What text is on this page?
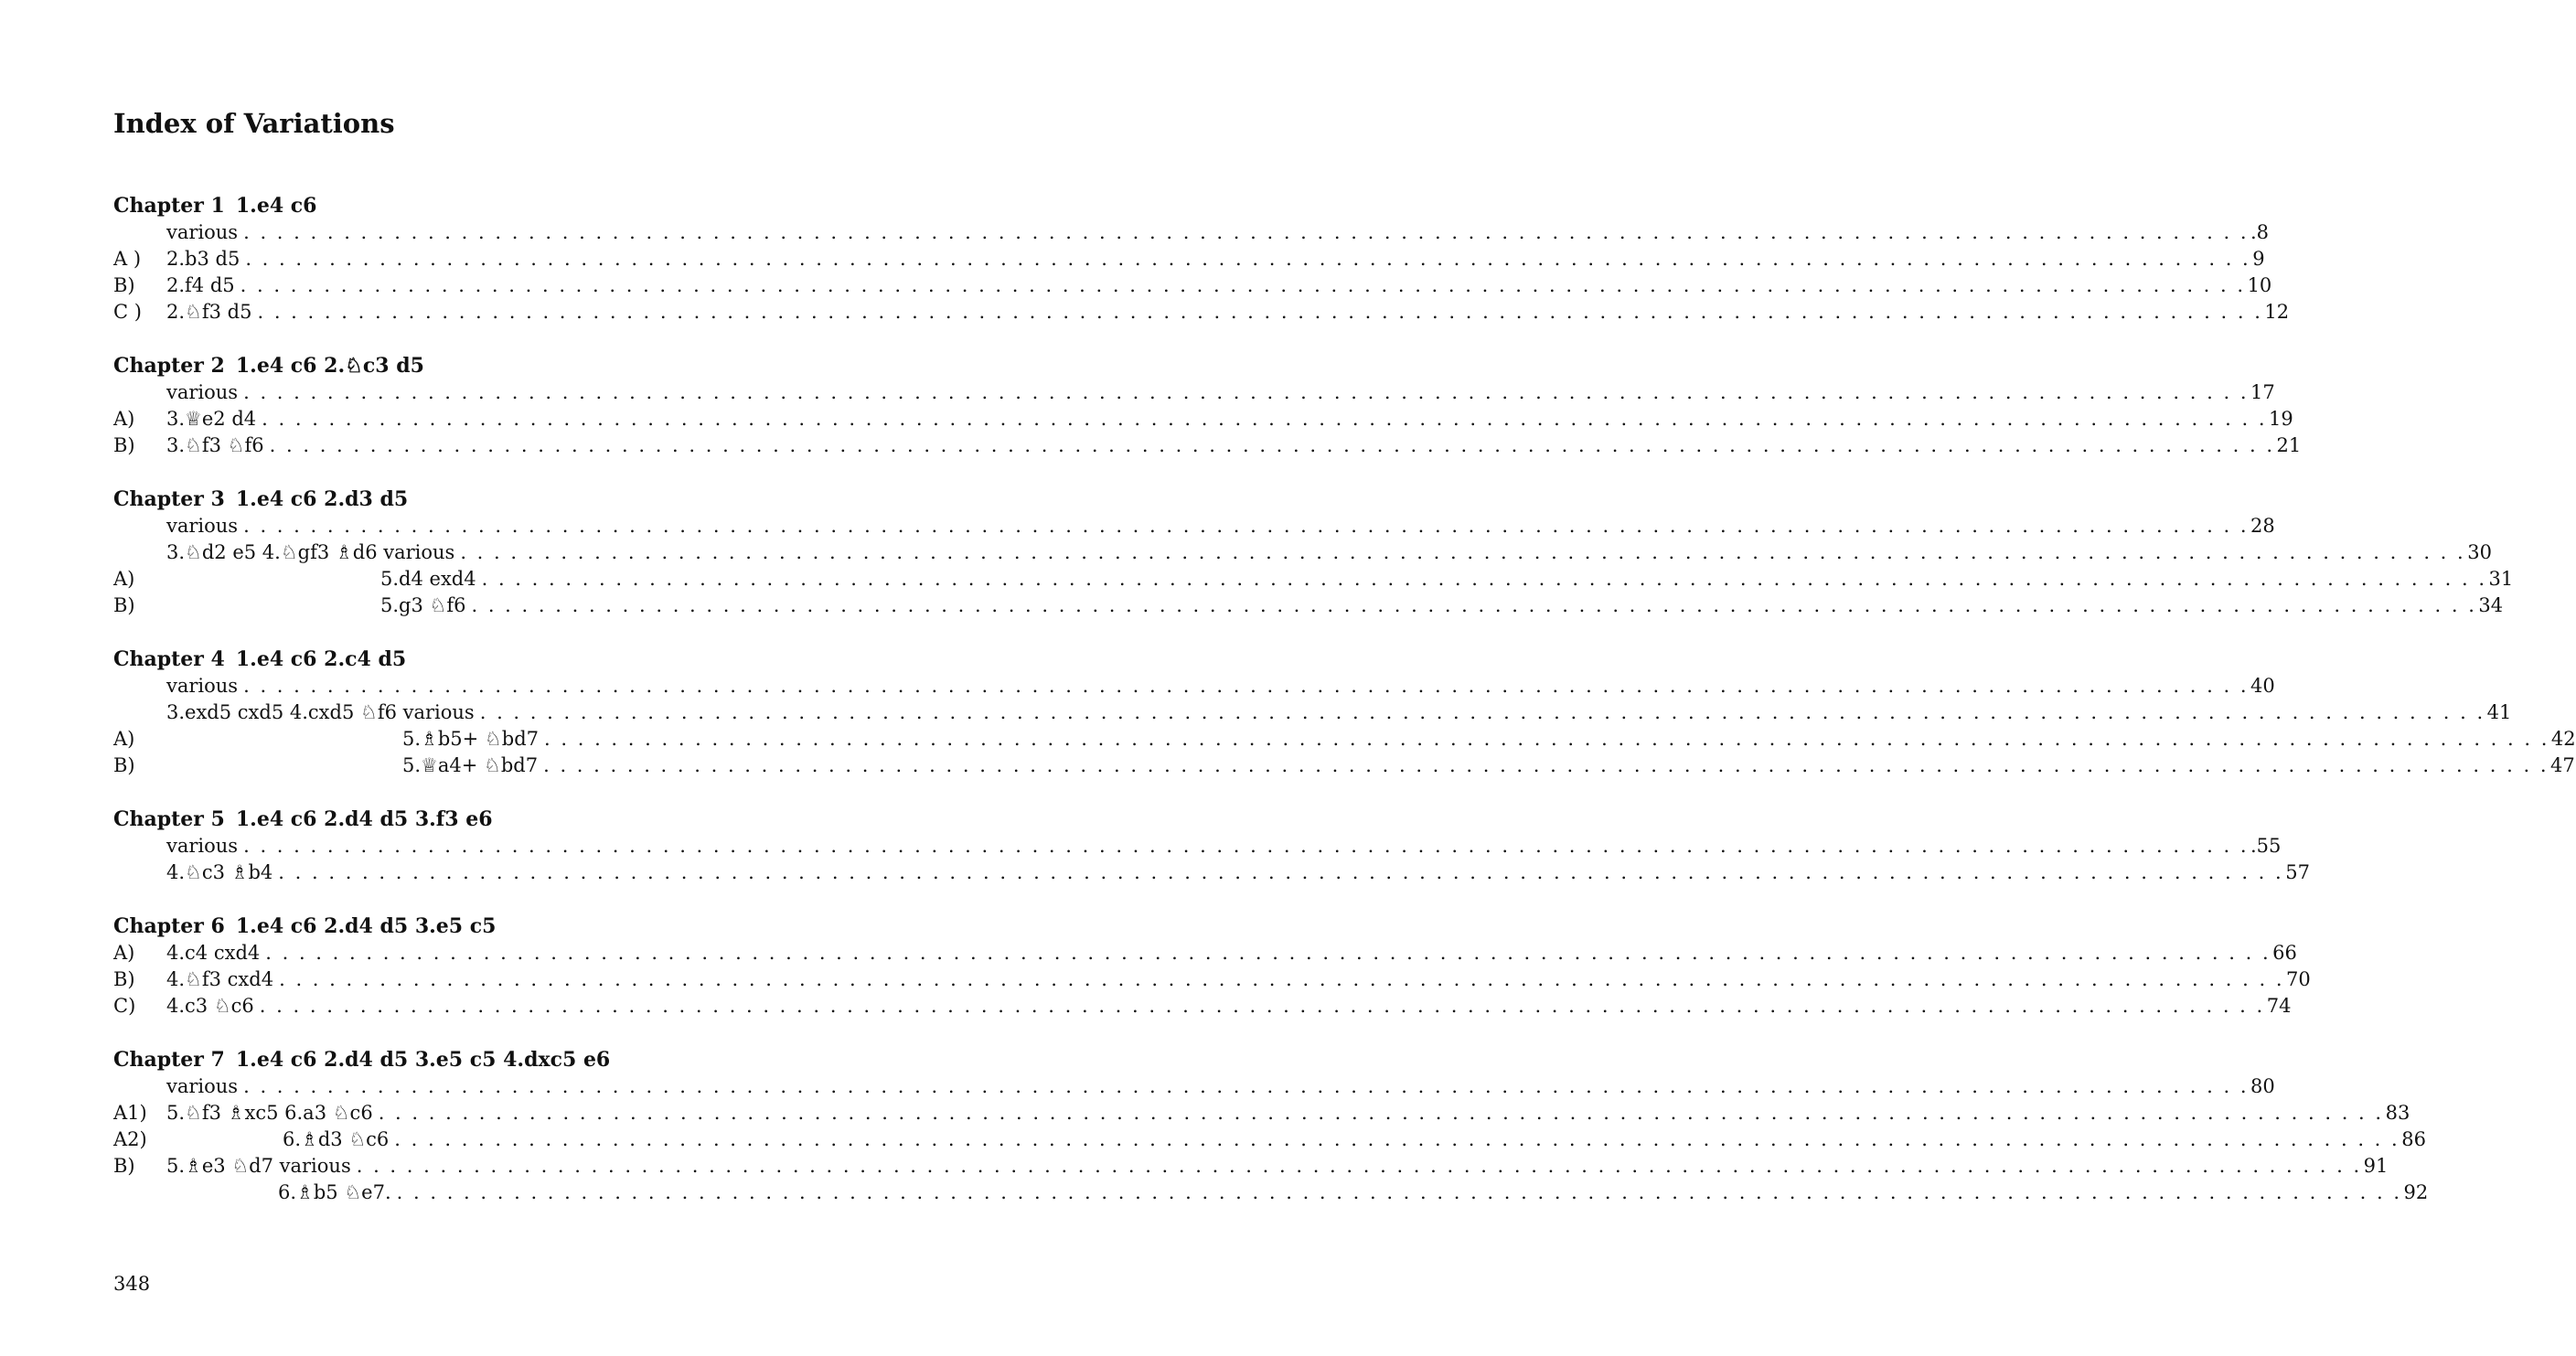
Index of Variations
Chapter 1 1.e4 c6
various . . . . . . . . . . . . . . . . . . . . . . . . . . . . . . . . . . . . . . . . . . . . . . . . . . . . . . . . . . . . . . . . . . . . . . . . . . . . . . . . . . . . . . . . . . . . . . . . . . . . . . . . . . . . . . . . . . . . . . . . .8
A ) 2.b3 d5 . . . . . . . . . . . . . . . . . . . . . . . . . . . . . . . . . . . . . . . . . . . . . . . . . . . . . . . . . . . . . . . . . . . . . . . . . . . . . . . . . . . . . . . . . . . . . . . . . . . . . . . . . . . . . . . . . . . . . . . . 9
B) 2.f4 d5 . . . . . . . . . . . . . . . . . . . . . . . . . . . . . . . . . . . . . . . . . . . . . . . . . . . . . . . . . . . . . . . . . . . . . . . . . . . . . . . . . . . . . . . . . . . . . . . . . . . . . . . . . . . . . . . . . . . . . . . . 10
C ) 2.♘f3 d5 . . . . . . . . . . . . . . . . . . . . . . . . . . . . . . . . . . . . . . . . . . . . . . . . . . . . . . . . . . . . . . . . . . . . . . . . . . . . . . . . . . . . . . . . . . . . . . . . . . . . . . . . . . . . . . . . . . . . . . . . 12
Chapter 2 1.e4 c6 2.♘c3 d5
various . . . . . . . . . . . . . . . . . . . . . . . . . . . . . . . . . . . . . . . . . . . . . . . . . . . . . . . . . . . . . . . . . . . . . . . . . . . . . . . . . . . . . . . . . . . . . . . . . . . . . . . . . . . . . . . . . . . . . . . . 17
A) 3.♕e2 d4 . . . . . . . . . . . . . . . . . . . . . . . . . . . . . . . . . . . . . . . . . . . . . . . . . . . . . . . . . . . . . . . . . . . . . . . . . . . . . . . . . . . . . . . . . . . . . . . . . . . . . . . . . . . . . . . . . . . . . . . . 19
B) 3.♘f3 ♘f6 . . . . . . . . . . . . . . . . . . . . . . . . . . . . . . . . . . . . . . . . . . . . . . . . . . . . . . . . . . . . . . . . . . . . . . . . . . . . . . . . . . . . . . . . . . . . . . . . . . . . . . . . . . . . . . . . . . . . . . . . 21
Chapter 3 1.e4 c6 2.d3 d5
various . . . . . . . . . . . . . . . . . . . . . . . . . . . . . . . . . . . . . . . . . . . . . . . . . . . . . . . . . . . . . . . . . . . . . . . . . . . . . . . . . . . . . . . . . . . . . . . . . . . . . . . . . . . . . . . . . . . . . . . . 28
3.♘d2 e5 4.♘gf3 ♗d6 various . . . . . . . . . . . . . . . . . . . . . . . . . . . . . . . . . . . . . . . . . . . . . . . . . . . . . . . . . . . . . . . . . . . . . . . . . . . . . . . . . . . . . . . . . . . . . . . . . . . . . . . . . . . . . . . . . . . . . . . . 30
A)	5.d4 exd4 . . . . . . . . . . . . . . . . . . . . . . . . . . . . . . . . . . . . . . . . . . . . . . . . . . . . . . . . . . . . . . . . . . . . . . . . . . . . . . . . . . . . . . . . . . . . . . . . . . . . . . . . . . . . . . . . . . . . . . . . 31
B)	5.g3 ♘f6 . . . . . . . . . . . . . . . . . . . . . . . . . . . . . . . . . . . . . . . . . . . . . . . . . . . . . . . . . . . . . . . . . . . . . . . . . . . . . . . . . . . . . . . . . . . . . . . . . . . . . . . . . . . . . . . . . . . . . . . . 34
Chapter 4 1.e4 c6 2.c4 d5
various . . . . . . . . . . . . . . . . . . . . . . . . . . . . . . . . . . . . . . . . . . . . . . . . . . . . . . . . . . . . . . . . . . . . . . . . . . . . . . . . . . . . . . . . . . . . . . . . . . . . . . . . . . . . . . . . . . . . . . . . 40
3.exd5 cxd5 4.cxd5 ♘f6 various . . . . . . . . . . . . . . . . . . . . . . . . . . . . . . . . . . . . . . . . . . . . . . . . . . . . . . . . . . . . . . . . . . . . . . . . . . . . . . . . . . . . . . . . . . . . . . . . . . . . . . . . . . . . . . . . . . . . . . . . 41
A)	5.♗b5+ ♘bd7 . . . . . . . . . . . . . . . . . . . . . . . . . . . . . . . . . . . . . . . . . . . . . . . . . . . . . . . . . . . . . . . . . . . . . . . . . . . . . . . . . . . . . . . . . . . . . . . . . . . . . . . . . . . . . . . . . . . . . . . . 42
B)	5.♕a4+ ♘bd7 . . . . . . . . . . . . . . . . . . . . . . . . . . . . . . . . . . . . . . . . . . . . . . . . . . . . . . . . . . . . . . . . . . . . . . . . . . . . . . . . . . . . . . . . . . . . . . . . . . . . . . . . . . . . . . . . . . . . . . . . 47
Chapter 5 1.e4 c6 2.d4 d5 3.f3 e6
various . . . . . . . . . . . . . . . . . . . . . . . . . . . . . . . . . . . . . . . . . . . . . . . . . . . . . . . . . . . . . . . . . . . . . . . . . . . . . . . . . . . . . . . . . . . . . . . . . . . . . . . . . . . . . . . . . . . . . . . . .55
4.♘c3 ♗b4 . . . . . . . . . . . . . . . . . . . . . . . . . . . . . . . . . . . . . . . . . . . . . . . . . . . . . . . . . . . . . . . . . . . . . . . . . . . . . . . . . . . . . . . . . . . . . . . . . . . . . . . . . . . . . . . . . . . . . . . . 57
Chapter 6 1.e4 c6 2.d4 d5 3.e5 c5
A) 4.c4 cxd4 . . . . . . . . . . . . . . . . . . . . . . . . . . . . . . . . . . . . . . . . . . . . . . . . . . . . . . . . . . . . . . . . . . . . . . . . . . . . . . . . . . . . . . . . . . . . . . . . . . . . . . . . . . . . . . . . . . . . . . . . 66
B) 4.♘f3 cxd4 . . . . . . . . . . . . . . . . . . . . . . . . . . . . . . . . . . . . . . . . . . . . . . . . . . . . . . . . . . . . . . . . . . . . . . . . . . . . . . . . . . . . . . . . . . . . . . . . . . . . . . . . . . . . . . . . . . . . . . . . 70
C) 4.c3 ♘c6 . . . . . . . . . . . . . . . . . . . . . . . . . . . . . . . . . . . . . . . . . . . . . . . . . . . . . . . . . . . . . . . . . . . . . . . . . . . . . . . . . . . . . . . . . . . . . . . . . . . . . . . . . . . . . . . . . . . . . . . . 74
Chapter 7 1.e4 c6 2.d4 d5 3.e5 c5 4.dxc5 e6
various . . . . . . . . . . . . . . . . . . . . . . . . . . . . . . . . . . . . . . . . . . . . . . . . . . . . . . . . . . . . . . . . . . . . . . . . . . . . . . . . . . . . . . . . . . . . . . . . . . . . . . . . . . . . . . . . . . . . . . . . 80
A1) 5.♘f3 ♗xc5 6.a3 ♘c6 . . . . . . . . . . . . . . . . . . . . . . . . . . . . . . . . . . . . . . . . . . . . . . . . . . . . . . . . . . . . . . . . . . . . . . . . . . . . . . . . . . . . . . . . . . . . . . . . . . . . . . . . . . . . . . . . . . . . . . . . 83
A2)	6.♗d3 ♘c6 . . . . . . . . . . . . . . . . . . . . . . . . . . . . . . . . . . . . . . . . . . . . . . . . . . . . . . . . . . . . . . . . . . . . . . . . . . . . . . . . . . . . . . . . . . . . . . . . . . . . . . . . . . . . . . . . . . . . . . . . 86
B) 5.♗e3 ♘d7 various . . . . . . . . . . . . . . . . . . . . . . . . . . . . . . . . . . . . . . . . . . . . . . . . . . . . . . . . . . . . . . . . . . . . . . . . . . . . . . . . . . . . . . . . . . . . . . . . . . . . . . . . . . . . . . . . . . . . . . . . 91
6.♗b5 ♘e7. . . . . . . . . . . . . . . . . . . . . . . . . . . . . . . . . . . . . . . . . . . . . . . . . . . . . . . . . . . . . . . . . . . . . . . . . . . . . . . . . . . . . . . . . . . . . . . . . . . . . . . . . . . . . . . . . . . . . . . . . 92
348
